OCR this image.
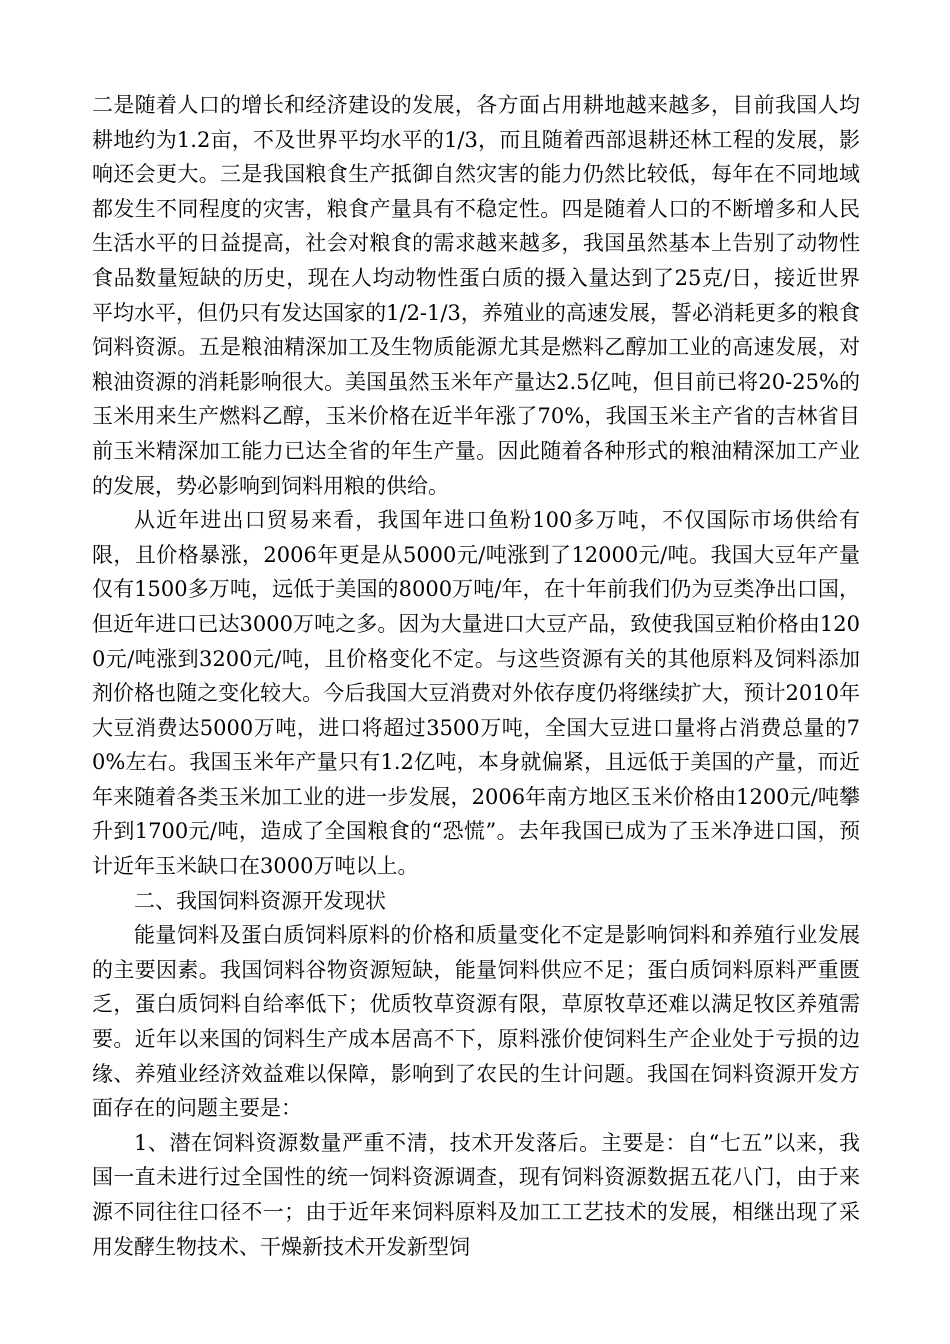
二是随着人口的增长和经济建设的发展，各方面占用耕地越来越多，目前我国人均耕地约为1.2亩，不及世界平均水平的1/3，而且随着西部退耕还林工程的发展，影响还会更大。三是我国粮食生产抵御自然灾害的能力仍然比较低，每年在不同地域都发生不同程度的灾害，粮食产量具有不稳定性。四是随着人口的不断增多和人民生活水平的日益提高，社会对粮食的需求越来越多，我国虽然基本上告别了动物性食品数量短缺的历史，现在人均动物性蛋白质的摄入量达到了25克/日，接近世界平均水平，但仍只有发达国家的1/2-1/3，养殖业的高速发展，誓必消耗更多的粮食饲料资源。五是粮油精深加工及生物质能源尤其是燃料乙醇加工业的高速发展，对粮油资源的消耗影响很大。美国虽然玉米年产量达2.5亿吨，但目前已将20-25%的玉米用来生产燃料乙醇，玉米价格在近半年涨了70%，我国玉米主产省的吉林省目前玉米精深加工能力已达全省的年生产量。因此随着各种形式的粮油精深加工产业的发展，势必影响到饲料用粮的供给。

从近年进出口贸易来看，我国年进口鱼粉100多万吨，不仅国际市场供给有限，且价格暴涨，2006年更是从5000元/吨涨到了12000元/吨。我国大豆年产量仅有1500多万吨，远低于美国的8000万吨/年，在十年前我们仍为豆类净出口国，但近年进口已达3000万吨之多。因为大量进口大豆产品，致使我国豆粕价格由1200元/吨涨到3200元/吨，且价格变化不定。与这些资源有关的其他原料及饲料添加剂价格也随之变化较大。今后我国大豆消费对外依存度仍将继续扩大，预计2010年大豆消费达5000万吨，进口将超过3500万吨，全国大豆进口量将占消费总量的70%左右。我国玉米年产量只有1.2亿吨，本身就偏紧，且远低于美国的产量，而近年来随着各类玉米加工业的进一步发展，2006年南方地区玉米价格由1200元/吨攀升到1700元/吨，造成了全国粮食的“恐慌”。去年我国已成为了玉米净进口国，预计近年玉米缺口在3000万吨以上。

二、我国饲料资源开发现状

能量饲料及蛋白质饲料原料的价格和质量变化不定是影响饲料和养殖行业发展的主要因素。我国饲料谷物资源短缺，能量饲料供应不足；蛋白质饲料原料严重匮乏，蛋白质饲料自给率低下；优质牧草资源有限，草原牧草还难以满足牧区养殖需要。近年以来国的饲料生产成本居高不下，原料涨价使饲料生产企业处于亏损的边缘、养殖业经济效益难以保障，影响到了农民的生计问题。我国在饲料资源开发方面存在的问题主要是：

1、潜在饲料资源数量严重不清，技术开发落后。主要是：自“七五”以来，我国一直未进行过全国性的统一饲料资源调查，现有饲料资源数据五花八门，由于来源不同往往口径不一；由于近年来饲料原料及加工工艺技术的发展，相继出现了采用发酵生物技术、干燥新技术开发新型饲
